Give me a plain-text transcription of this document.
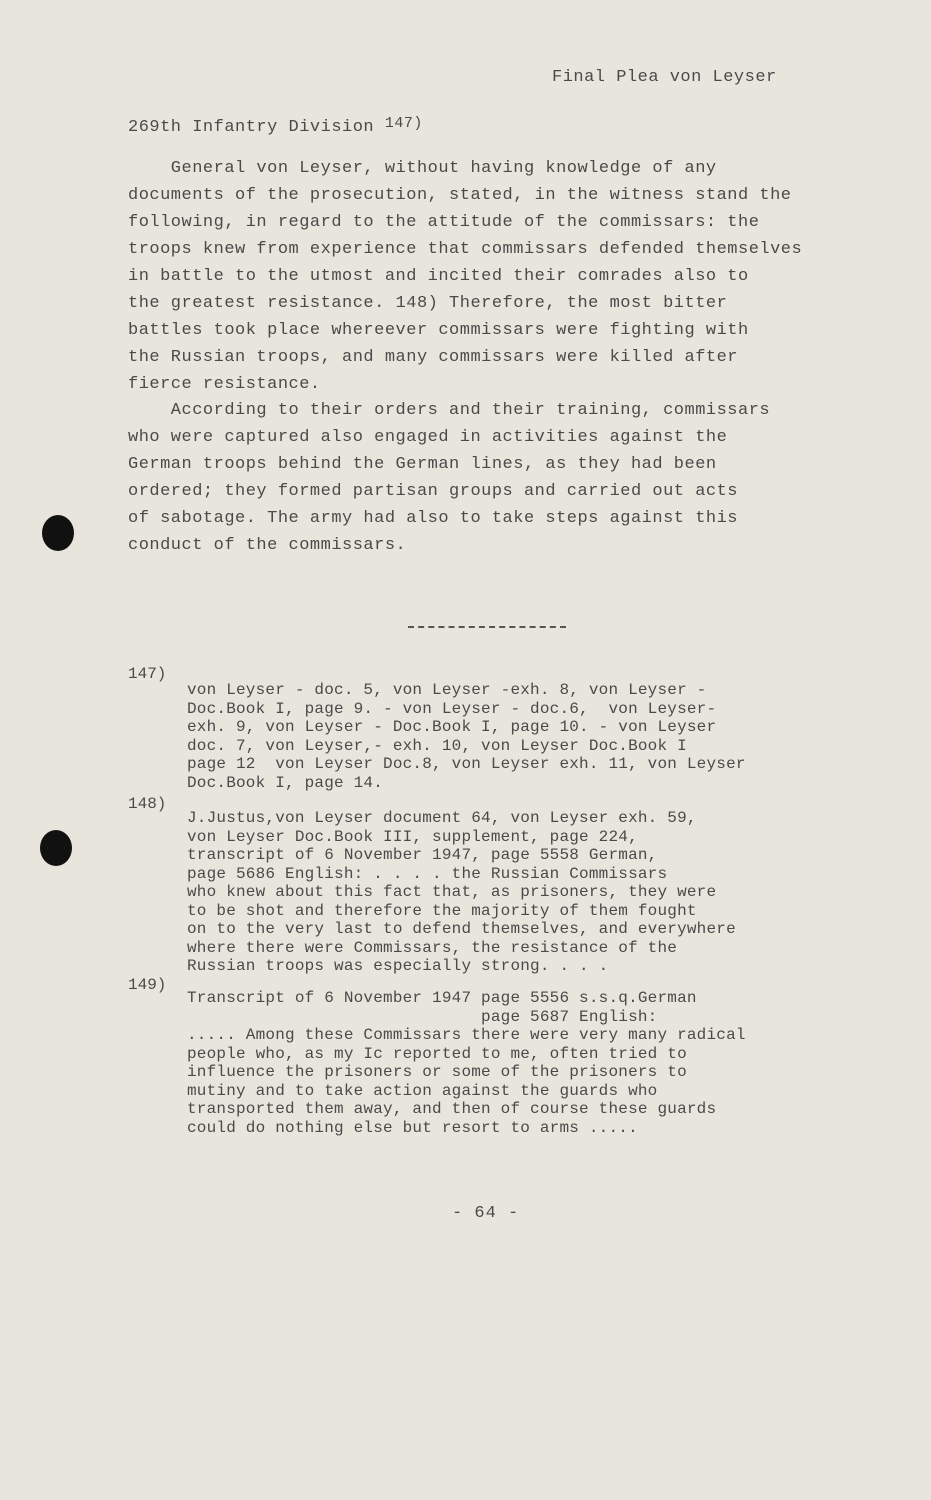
Final Plea von Leyser
269th Infantry Division $^{147)}$
General von Leyser, without having knowledge of any
documents of the prosecution, stated, in the witness stand the
following, in regard to the attitude of the commissars: the
troops knew from experience that commissars defended themselves
in battle to the utmost and incited their comrades also to
the greatest resistance. 148) Therefore, the most bitter
battles took place whereever commissars were fighting with
the Russian troops, and many commissars were killed after
fierce resistance.
According to their orders and their training, commissars
who were captured also engaged in activities against the
German troops behind the German lines, as they had been
ordered; they formed partisan groups and carried out acts
of sabotage. The army had also to take steps against this
conduct of the commissars.
147)
von Leyser - doc. 5, von Leyser -exh. 8, von Leyser -
Doc.Book I, page 9. - von Leyser - doc.6,  von Leyser-
exh. 9, von Leyser - Doc.Book I, page 10. - von Leyser
doc. 7, von Leyser,- exh. 10, von Leyser Doc.Book I
page 12  von Leyser Doc.8, von Leyser exh. 11, von Leyser
Doc.Book I, page 14.
148)
J.Justus,von Leyser document 64, von Leyser exh. 59,
von Leyser Doc.Book III, supplement, page 224,
transcript of 6 November 1947, page 5558 German,
page 5686 English: . . . . the Russian Commissars
who knew about this fact that, as prisoners, they were
to be shot and therefore the majority of them fought
on to the very last to defend themselves, and everywhere
where there were Commissars, the resistance of the
Russian troops was especially strong. . . .
149)
Transcript of 6 November 1947 page 5556 s.s.q.German
page 5687 English:
..... Among these Commissars there were very many radical
people who, as my Ic reported to me, often tried to
influence the prisoners or some of the prisoners to
mutiny and to take action against the guards who
transported them away, and then of course these guards
could do nothing else but resort to arms .....
- 64 -
